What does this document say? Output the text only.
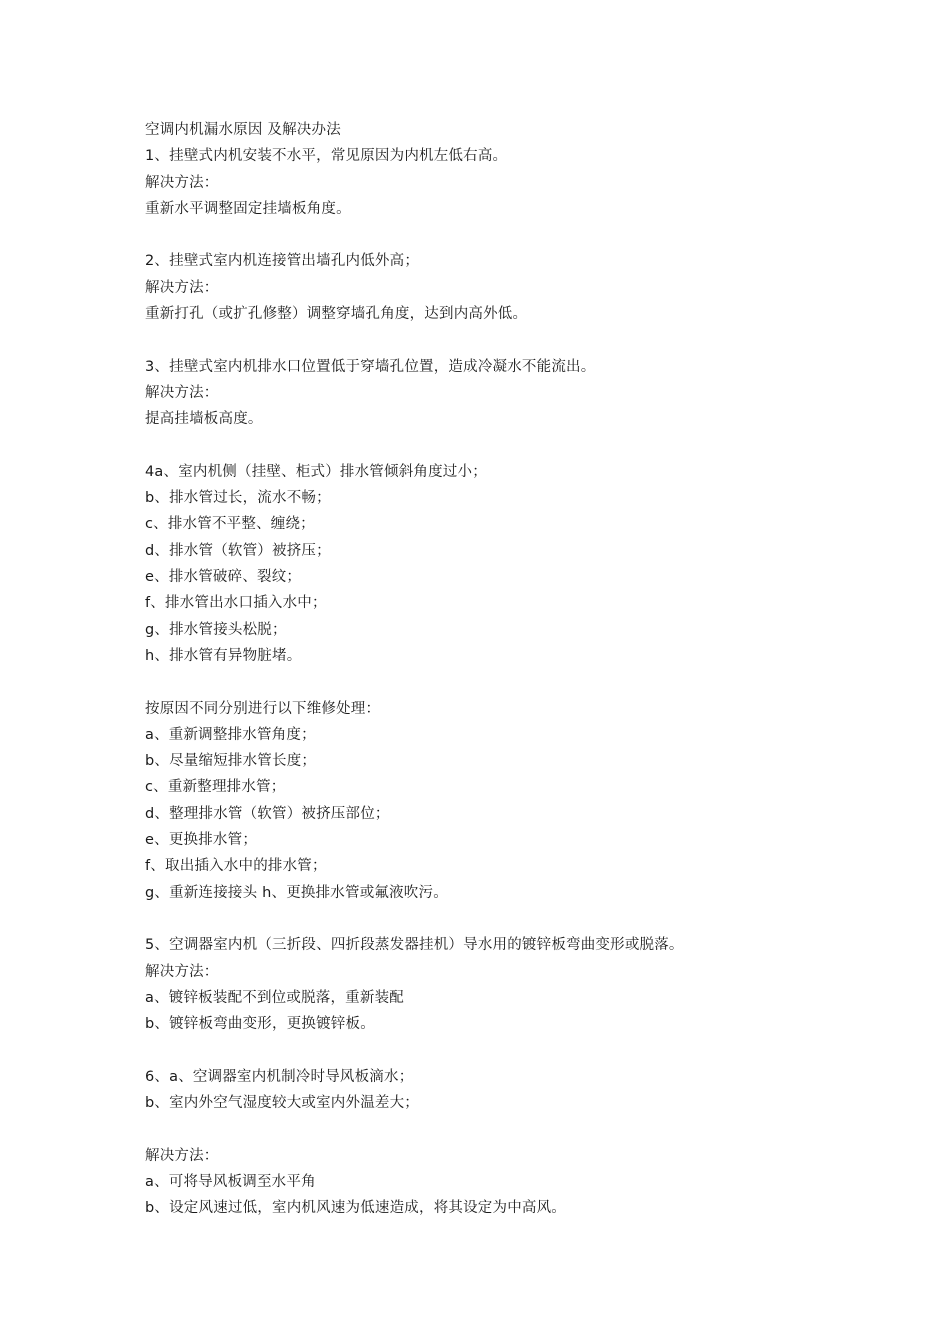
空调内机漏水原因 及解决办法
1、挂壁式内机安装不水平，常见原因为内机左低右高。
解决方法：
重新水平调整固定挂墙板角度。
2、挂壁式室内机连接管出墙孔内低外高；
解决方法：
重新打孔（或扩孔修整）调整穿墙孔角度，达到内高外低。
3、挂壁式室内机排水口位置低于穿墙孔位置，造成冷凝水不能流出。
解决方法：
提高挂墙板高度。
4a、室内机侧（挂壁、柜式）排水管倾斜角度过小；
b、排水管过长，流水不畅；
c、排水管不平整、缠绕；
d、排水管（软管）被挤压；
e、排水管破碎、裂纹；
f、排水管出水口插入水中；
g、排水管接头松脱；
h、排水管有异物脏堵。
按原因不同分别进行以下维修处理：
a、重新调整排水管角度；
b、尽量缩短排水管长度；
c、重新整理排水管；
d、整理排水管（软管）被挤压部位；
e、更换排水管；
f、取出插入水中的排水管；
g、重新连接接头 h、更换排水管或氟液吹污。
5、空调器室内机（三折段、四折段蒸发器挂机）导水用的镀锌板弯曲变形或脱落。
解决方法：
a、镀锌板装配不到位或脱落，重新装配
b、镀锌板弯曲变形，更换镀锌板。
6、a、空调器室内机制冷时导风板滴水；
b、室内外空气湿度较大或室内外温差大；
解决方法：
a、可将导风板调至水平角
b、设定风速过低，室内机风速为低速造成，将其设定为中高风。
